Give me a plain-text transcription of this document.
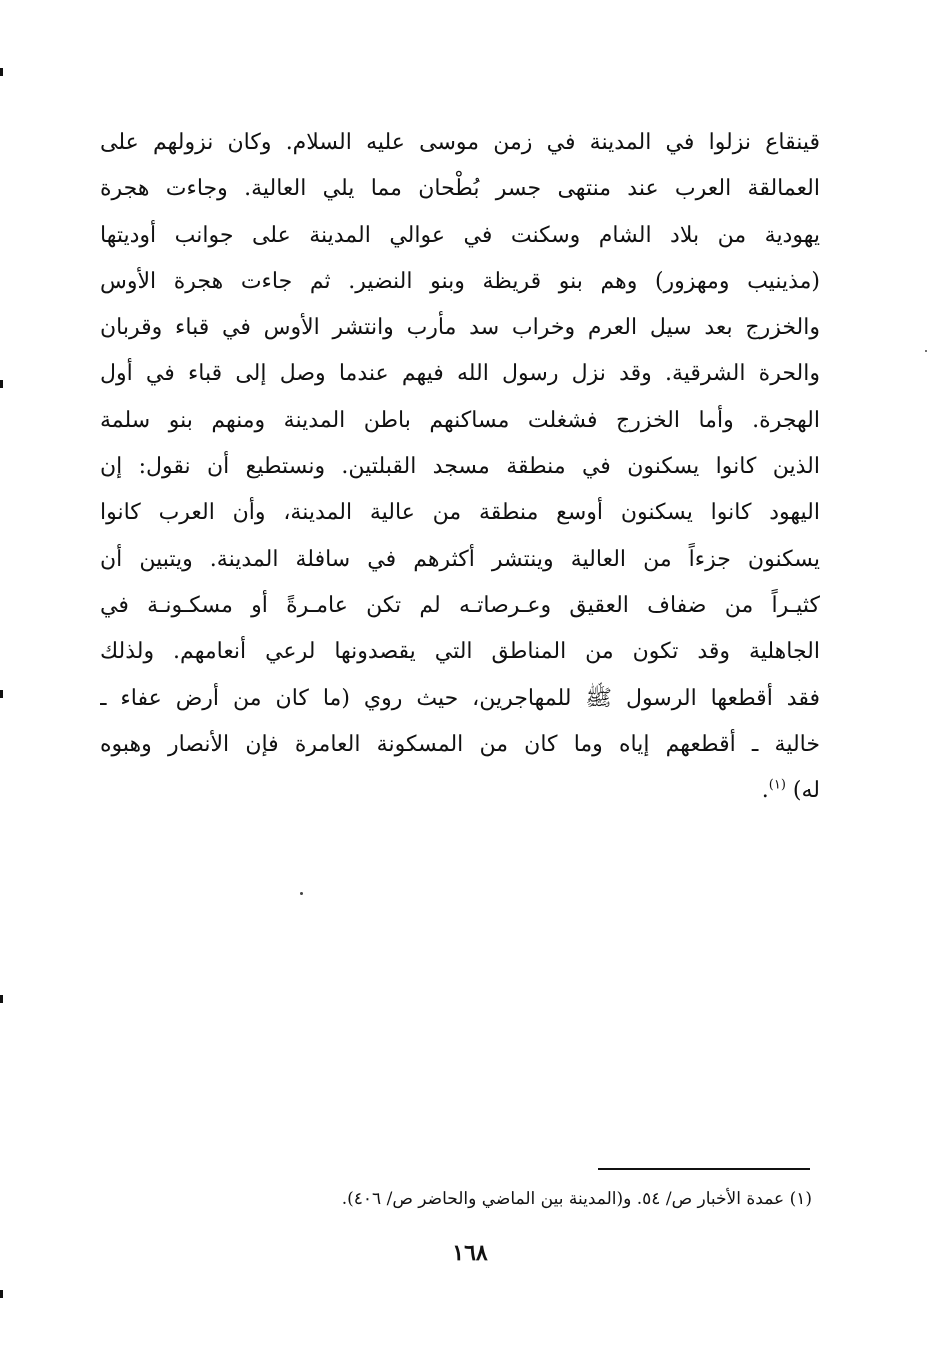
قينقاع نزلوا في المدينة في زمن موسى عليه السلام. وكان نزولهم على
العمالقة العرب عند منتهى جسر بُطْحان مما يلي العالية. وجاءت هجرة
يهودية من بلاد الشام وسكنت في عوالي المدينة على جوانب أوديتها
(مذينيب ومهزور) وهم بنو قريظة وبنو النضير. ثم جاءت هجرة الأوس
والخزرج بعد سيل العرم وخراب سد مأرب وانتشر الأوس في قباء وقربان
والحرة الشرقية. وقد نزل رسول الله فيهم عندما وصل إلى قباء في أول
الهجرة. وأما الخزرج فشغلت مساكنهم باطن المدينة ومنهم بنو سلمة
الذين كانوا يسكنون في منطقة مسجد القبلتين. ونستطيع أن نقول: إن
اليهود كانوا يسكنون أوسع منطقة من عالية المدينة، وأن العرب كانوا
يسكنون جزءاً من العالية وينتشر أكثرهم في سافلة المدينة. ويتبين أن
كثيـراً من ضفاف العقيق وعـرصاتـه لم تكن عامـرةً أو مسكـونـة في
الجاهلية وقد تكون من المناطق التي يقصدونها لرعي أنعامهم. ولذلك
فقد أقطعها الرسول ﷺ للمهاجرين، حيث روي (ما كان من أرض عفاء ـ
خالية ـ أقطعهم إياه وما كان من المسكونة العامرة فإن الأنصار وهبوه
له) $^{(١)}$.
(١) عمدة الأخبار ص/ ٥٤. و(المدينة بين الماضي والحاضر ص/ ٤٠٦).
١٦٨
